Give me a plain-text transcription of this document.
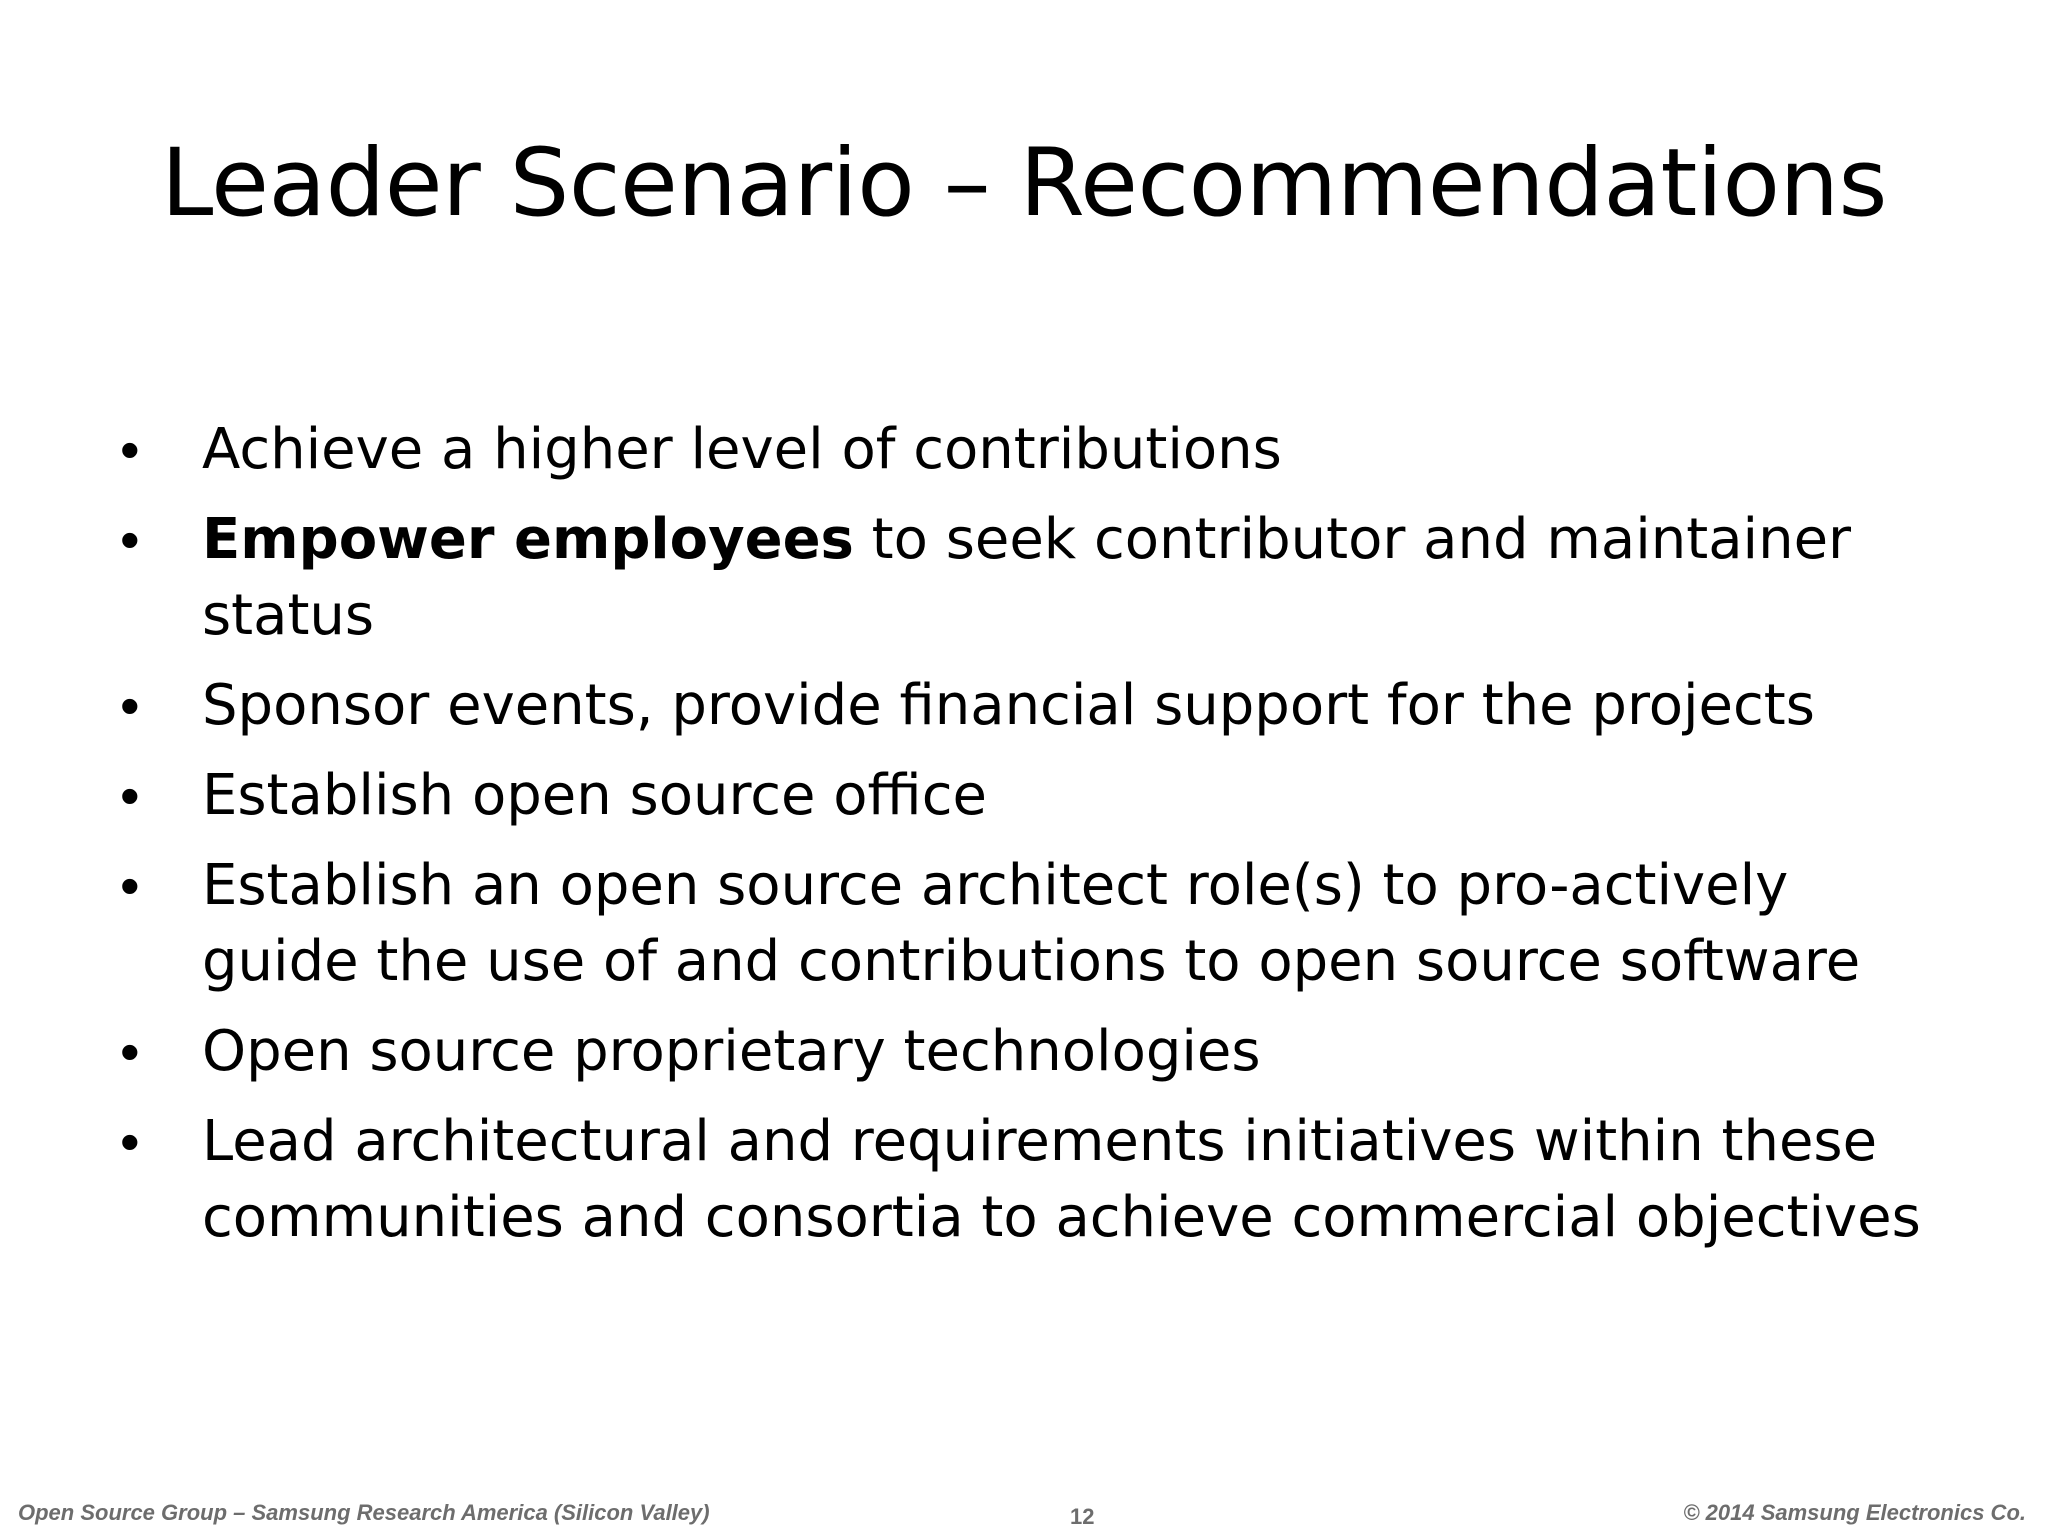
Leader Scenario – Recommendations
•	Achieve a higher level of contributions
•	Empower employees to seek contributor and maintainer status
•	Sponsor events, provide financial support for the projects
•	Establish open source office
•	Establish an open source architect role(s) to pro-actively guide the use of and contributions to open source software
•	Open source proprietary technologies
•	Lead architectural and requirements initiatives within these communities and consortia to achieve commercial objectives
Open Source Group – Samsung Research America (Silicon Valley)	12	© 2014 Samsung Electronics Co.
